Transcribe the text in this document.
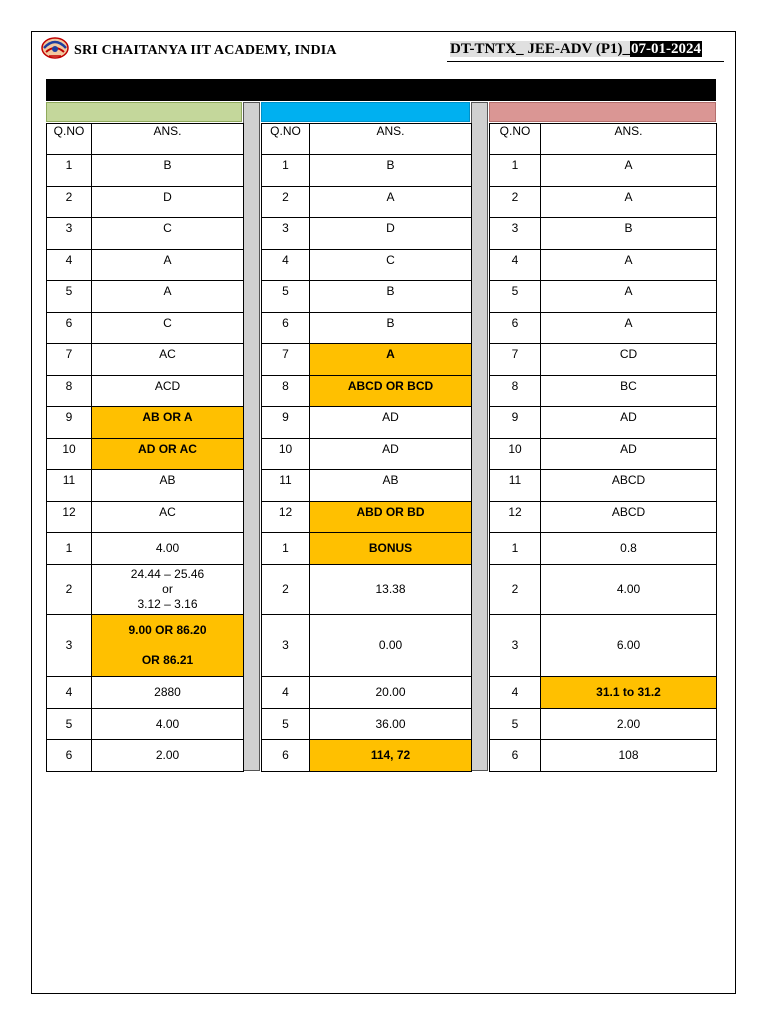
SRI CHAITANYA IIT ACADEMY, INDIA	DT-TNTX_ JEE-ADV (P1)_07-01-2024
Q.NO	ANS.
1	B
2	D
3	C
4	A
5	A
6	C
7	AC
8	ACD
9	AB OR A
10	AD OR AC
11	AB
12	AC
1	4.00
2	24.44 – 25.46
or
3.12 – 3.16
3	9.00 OR 86.20

OR 86.21
4	2880
5	4.00
6	2.00
Q.NO	ANS.
1	B
2	A
3	D
4	C
5	B
6	B
7	A
8	ABCD OR BCD
9	AD
10	AD
11	AB
12	ABD OR BD
1	BONUS
2	13.38
3	0.00
4	20.00
5	36.00
6	114, 72
Q.NO	ANS.
1	A
2	A
3	B
4	A
5	A
6	A
7	CD
8	BC
9	AD
10	AD
11	ABCD
12	ABCD
1	0.8
2	4.00
3	6.00
4	31.1 to 31.2
5	2.00
6	108
